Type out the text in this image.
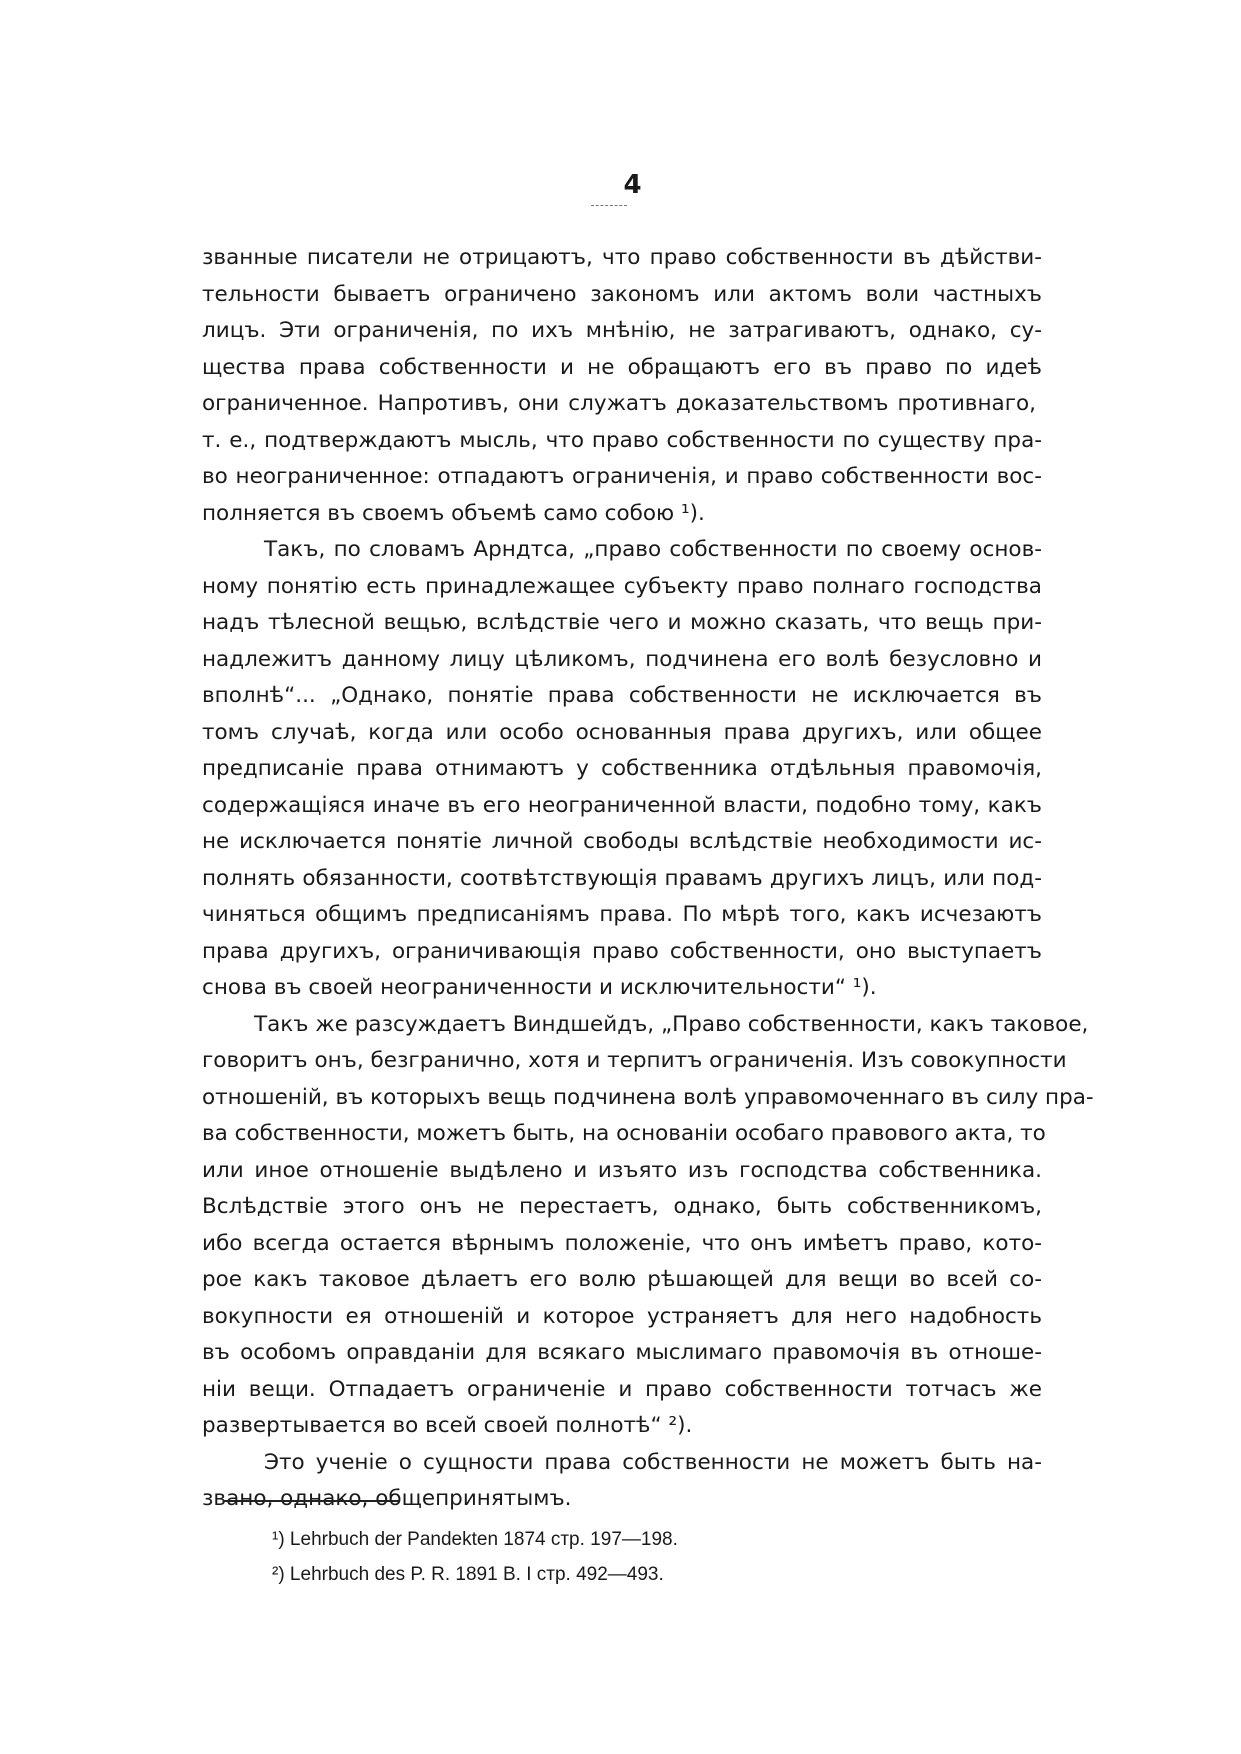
4
званные писатели не отрицаютъ, что право собственности въ дѣйстви-
тельности бываетъ ограничено закономъ или актомъ воли частныхъ
лицъ. Эти ограниченія, по ихъ мнѣнію, не затрагиваютъ, однако, су-
щества права собственности и не обращаютъ его въ право по идеѣ
ограниченное. Напротивъ, они служатъ доказательствомъ противнаго,
т. е., подтверждаютъ мысль, что право собственности по существу пра-
во неограниченное: отпадаютъ ограниченія, и право собственности вос-
полняется въ своемъ объемѣ само собою ¹).
Такъ, по словамъ Арндтса, „право собственности по своему основ-
ному понятію есть принадлежащее субъекту право полнаго господства
надъ тѣлесной вещью, вслѣдствіе чего и можно сказать, что вещь при-
надлежитъ данному лицу цѣликомъ, подчинена его волѣ безусловно и
вполнѣ“... „Однако, понятіе права собственности не исключается въ
томъ случаѣ, когда или особо основанныя права другихъ, или общее
предписаніе права отнимаютъ у собственника отдѣльныя правомочія,
содержащіяся иначе въ его неограниченной власти, подобно тому, какъ
не исключается понятіе личной свободы вслѣдствіе необходимости ис-
полнять обязанности, соотвѣтствующія правамъ другихъ лицъ, или под-
чиняться общимъ предписаніямъ права. По мѣрѣ того, какъ исчезаютъ
права другихъ, ограничивающія право собственности, оно выступаетъ
снова въ своей неограниченности и исключительности“ ¹).
Такъ же разсуждаетъ Виндшейдъ, „Право собственности, какъ таковое,
говоритъ онъ, безгранично, хотя и терпитъ ограниченія. Изъ совокупности
отношеній, въ которыхъ вещь подчинена волѣ управомоченнаго въ силу пра-
ва собственности, можетъ быть, на основаніи особаго правового акта, то
или иное отношеніе выдѣлено и изъято изъ господства собственника.
Вслѣдствіе этого онъ не перестаетъ, однако, быть собственникомъ,
ибо всегда остается вѣрнымъ положеніе, что онъ имѣетъ право, кото-
рое какъ таковое дѣлаетъ его волю рѣшающей для вещи во всей со-
вокупности ея отношеній и которое устраняетъ для него надобность
въ особомъ оправданіи для всякаго мыслимаго правомочія въ отноше-
ніи вещи. Отпадаетъ ограниченіе и право собственности тотчасъ же
развертывается во всей своей полнотѣ“ ²).
Это ученіе о сущности права собственности не можетъ быть на-
звано, однако, общепринятымъ.
¹) Lehrbuch der Pandekten 1874 стр. 197—198.
²) Lehrbuch des P. R. 1891 В. I стр. 492—493.
